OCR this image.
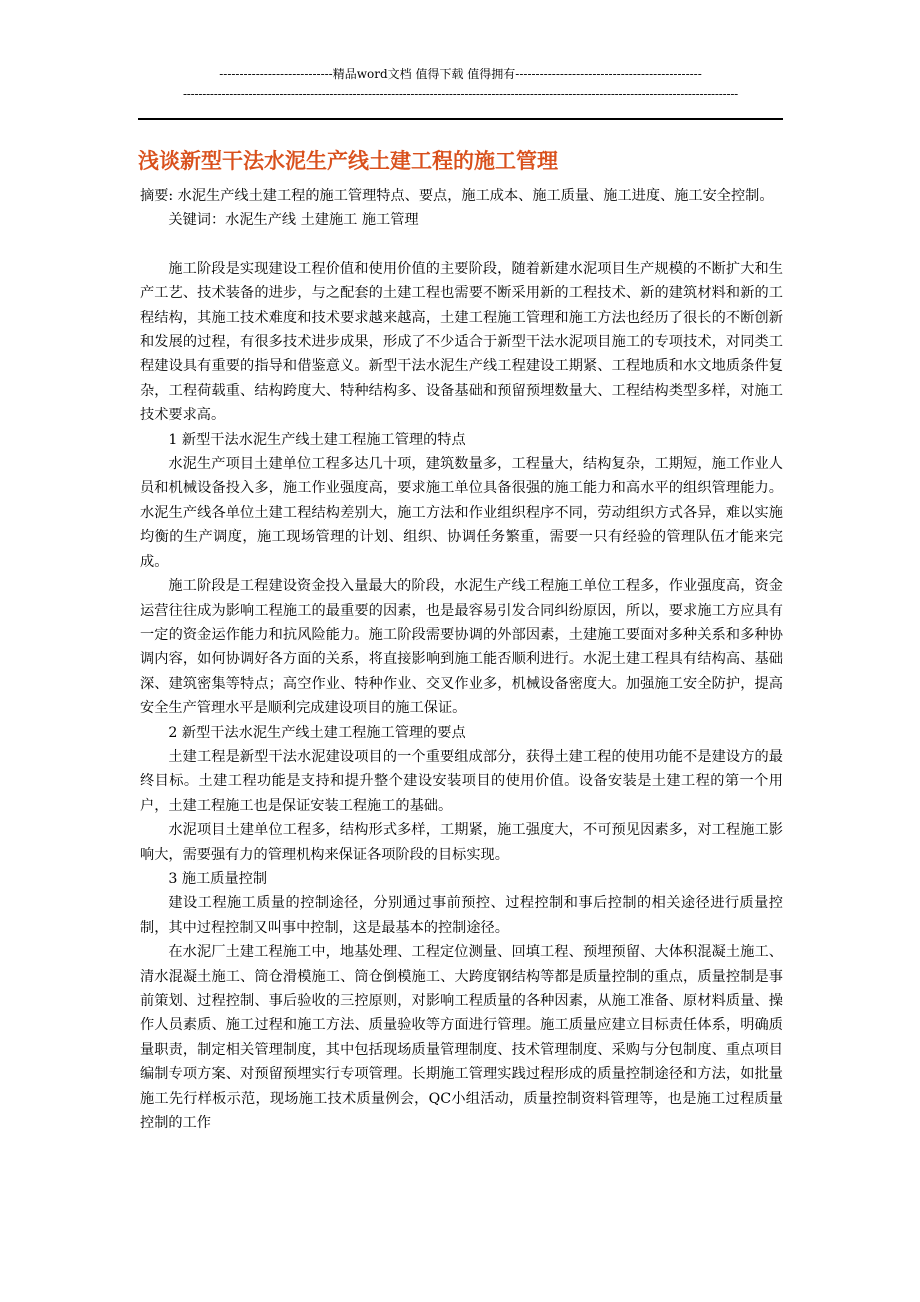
----------------------------精品word文档 值得下载 值得拥有----------------------------------------------
------------------------------------------------------------------------------------------------------------------------------------------------
浅谈新型干法水泥生产线土建工程的施工管理

摘要: 水泥生产线土建工程的施工管理特点、要点，施工成本、施工质量、施工进度、施工安全控制。

关键词：水泥生产线 土建施工 施工管理

施工阶段是实现建设工程价值和使用价值的主要阶段，随着新建水泥项目生产规模的不断扩大和生产工艺、技术装备的进步，与之配套的土建工程也需要不断采用新的工程技术、新的建筑材料和新的工程结构，其施工技术难度和技术要求越来越高，土建工程施工管理和施工方法也经历了很长的不断创新和发展的过程，有很多技术进步成果，形成了不少适合于新型干法水泥项目施工的专项技术，对同类工程建设具有重要的指导和借鉴意义。新型干法水泥生产线工程建设工期紧、工程地质和水文地质条件复杂，工程荷载重、结构跨度大、特种结构多、设备基础和预留预埋数量大、工程结构类型多样，对施工技术要求高。

1 新型干法水泥生产线土建工程施工管理的特点

水泥生产项目土建单位工程多达几十项，建筑数量多，工程量大，结构复杂，工期短，施工作业人员和机械设备投入多，施工作业强度高，要求施工单位具备很强的施工能力和高水平的组织管理能力。水泥生产线各单位土建工程结构差别大，施工方法和作业组织程序不同，劳动组织方式各异，难以实施均衡的生产调度，施工现场管理的计划、组织、协调任务繁重，需要一只有经验的管理队伍才能来完成。

施工阶段是工程建设资金投入量最大的阶段，水泥生产线工程施工单位工程多，作业强度高，资金运营往往成为影响工程施工的最重要的因素，也是最容易引发合同纠纷原因，所以，要求施工方应具有一定的资金运作能力和抗风险能力。施工阶段需要协调的外部因素，土建施工要面对多种关系和多种协调内容，如何协调好各方面的关系，将直接影响到施工能否顺利进行。水泥土建工程具有结构高、基础深、建筑密集等特点；高空作业、特种作业、交叉作业多，机械设备密度大。加强施工安全防护，提高安全生产管理水平是顺利完成建设项目的施工保证。

2 新型干法水泥生产线土建工程施工管理的要点

土建工程是新型干法水泥建设项目的一个重要组成部分，获得土建工程的使用功能不是建设方的最终目标。土建工程功能是支持和提升整个建设安装项目的使用价值。设备安装是土建工程的第一个用户，土建工程施工也是保证安装工程施工的基础。

水泥项目土建单位工程多，结构形式多样，工期紧，施工强度大，不可预见因素多，对工程施工影响大，需要强有力的管理机构来保证各项阶段的目标实现。

3 施工质量控制

建设工程施工质量的控制途径，分别通过事前预控、过程控制和事后控制的相关途径进行质量控制，其中过程控制又叫事中控制，这是最基本的控制途径。

在水泥厂土建工程施工中，地基处理、工程定位测量、回填工程、预埋预留、大体积混凝土施工、清水混凝土施工、筒仓滑模施工、筒仓倒模施工、大跨度钢结构等都是质量控制的重点，质量控制是事前策划、过程控制、事后验收的三控原则，对影响工程质量的各种因素，从施工准备、原材料质量、操作人员素质、施工过程和施工方法、质量验收等方面进行管理。施工质量应建立目标责任体系，明确质量职责，制定相关管理制度，其中包括现场质量管理制度、技术管理制度、采购与分包制度、重点项目编制专项方案、对预留预埋实行专项管理。长期施工管理实践过程形成的质量控制途径和方法，如批量施工先行样板示范，现场施工技术质量例会，QC小组活动，质量控制资料管理等，也是施工过程质量控制的工作
